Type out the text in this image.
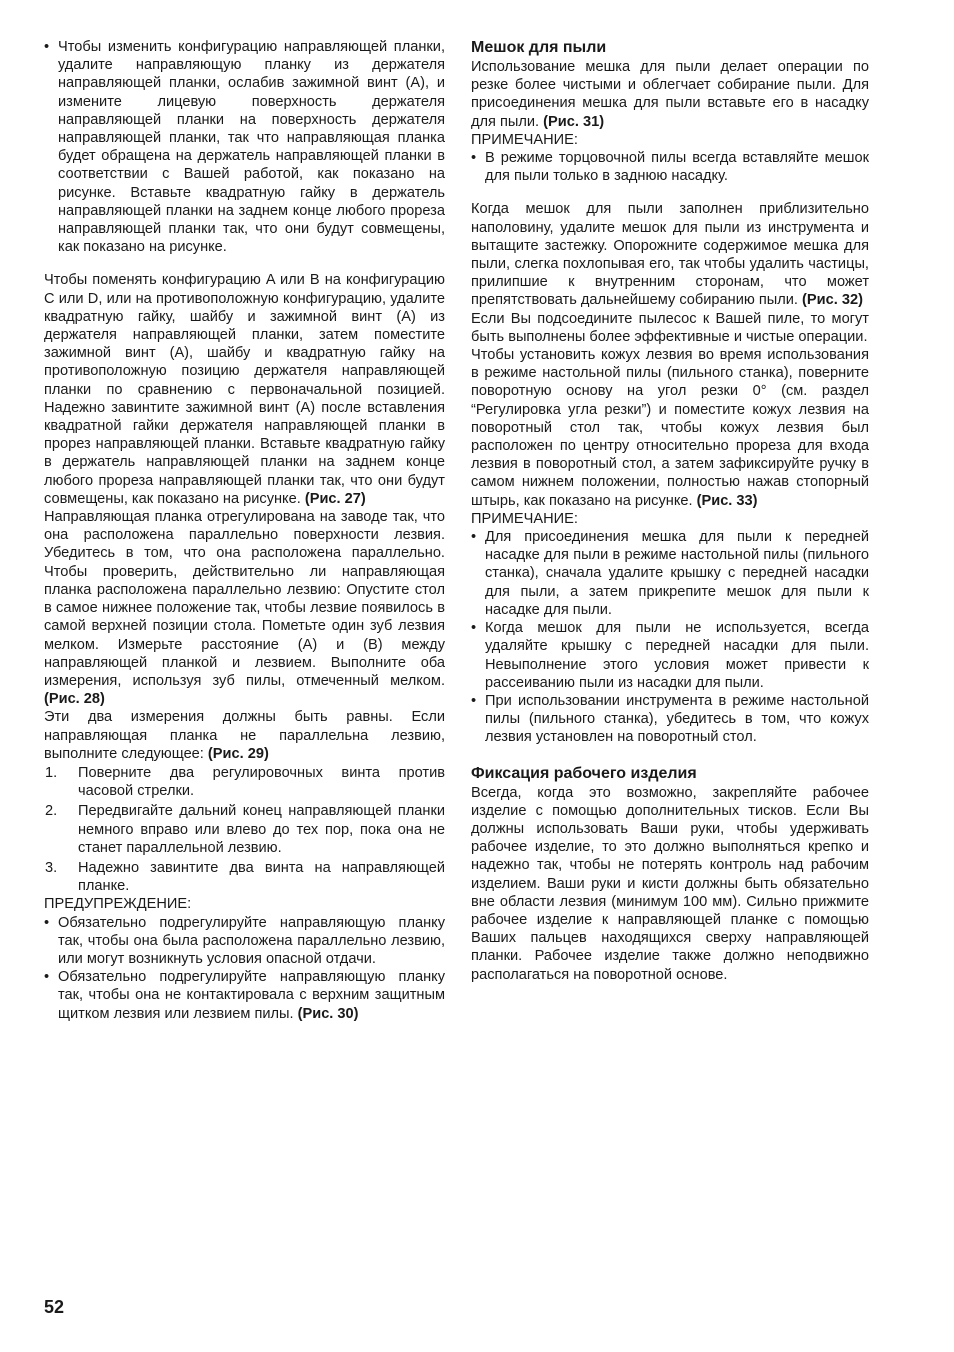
• Чтобы изменить конфигурацию направляющей планки, удалите направляющую планку из держателя направляющей планки, ослабив зажимной винт (A), и измените лицевую поверхность держателя направляющей планки на поверхность держателя направляющей планки, так что направляющая планка будет обращена на держатель направляющей планки в соответствии с Вашей работой, как показано на рисунке. Вставьте квадратную гайку в держатель направляющей планки на заднем конце любого прореза направляющей планки так, что они будут совмещены, как показано на рисунке.

Чтобы поменять конфигурацию A или B на конфигурацию C или D, или на противоположную конфигурацию, удалите квадратную гайку, шайбу и зажимной винт (A) из держателя направляющей планки, затем поместите зажимной винт (A), шайбу и квадратную гайку на противоположную позицию держателя направляющей планки по сравнению с первоначальной позицией. Надежно завинтите зажимной винт (A) после вставления квадратной гайки держателя направляющей планки в прорез направляющей планки. Вставьте квадратную гайку в держатель направляющей планки на заднем конце любого прореза направляющей планки так, что они будут совмещены, как показано на рисунке. (Рис. 27)

Направляющая планка отрегулирована на заводе так, что она расположена параллельно поверхности лезвия. Убедитесь в том, что она расположена параллельно. Чтобы проверить, действительно ли направляющая планка расположена параллельно лезвию: Опустите стол в самое нижнее положение так, чтобы лезвие появилось в самой верхней позиции стола. Пометьте один зуб лезвия мелком. Измерьте расстояние (A) и (B) между направляющей планкой и лезвием. Выполните оба измерения, используя зуб пилы, отмеченный мелком. (Рис. 28)

Эти два измерения должны быть равны. Если направляющая планка не параллельна лезвию, выполните следующее: (Рис. 29)

1. Поверните два регулировочных винта против часовой стрелки.
2. Передвигайте дальний конец направляющей планки немного вправо или влево до тех пор, пока она не станет параллельной лезвию.
3. Надежно завинтите два винта на направляющей планке.

ПРЕДУПРЕЖДЕНИЕ:

• Обязательно подрегулируйте направляющую планку так, чтобы она была расположена параллельно лезвию, или могут возникнуть условия опасной отдачи.
• Обязательно подрегулируйте направляющую планку так, чтобы она не контактировала с верхним защитным щитком лезвия или лезвием пилы. (Рис. 30)
Мешок для пыли

Использование мешка для пыли делает операции по резке более чистыми и облегчает собирание пыли. Для присоединения мешка для пыли вставьте его в насадку для пыли. (Рис. 31)

ПРИМЕЧАНИЕ:

• В режиме торцовочной пилы всегда вставляйте мешок для пыли только в заднюю насадку.

Когда мешок для пыли заполнен приблизительно наполовину, удалите мешок для пыли из инструмента и вытащите застежку. Опорожните содержимое мешка для пыли, слегка похлопывая его, так чтобы удалить частицы, прилипшие к внутренним сторонам, что может препятствовать дальнейшему собиранию пыли. (Рис. 32)

Если Вы подсоедините пылесос к Вашей пиле, то могут быть выполнены более эффективные и чистые операции.

Чтобы установить кожух лезвия во время использования в режиме настольной пилы (пильного станка), поверните поворотную основу на угол резки 0° (см. раздел “Регулировка угла резки”) и поместите кожух лезвия на поворотный стол так, чтобы кожух лезвия был расположен по центру относительно прореза для входа лезвия в поворотный стол, а затем зафиксируйте ручку в самом нижнем положении, полностью нажав стопорный штырь, как показано на рисунке. (Рис. 33)

ПРИМЕЧАНИЕ:

• Для присоединения мешка для пыли к передней насадке для пыли в режиме настольной пилы (пильного станка), сначала удалите крышку с передней насадки для пыли, а затем прикрепите мешок для пыли к насадке для пыли.
• Когда мешок для пыли не используется, всегда удаляйте крышку с передней насадки для пыли. Невыполнение этого условия может привести к рассеиванию пыли из насадки для пыли.
• При использовании инструмента в режиме настольной пилы (пильного станка), убедитесь в том, что кожух лезвия установлен на поворотный стол.
Фиксация рабочего изделия

Всегда, когда это возможно, закрепляйте рабочее изделие с помощью дополнительных тисков. Если Вы должны использовать Ваши руки, чтобы удерживать рабочее изделие, то это должно выполняться крепко и надежно так, чтобы не потерять контроль над рабочим изделием. Ваши руки и кисти должны быть обязательно вне области лезвия (минимум 100 мм). Сильно прижмите рабочее изделие к направляющей планке с помощью Ваших пальцев находящихся сверху направляющей планки. Рабочее изделие также должно неподвижно располагаться на поворотной основе.

52
